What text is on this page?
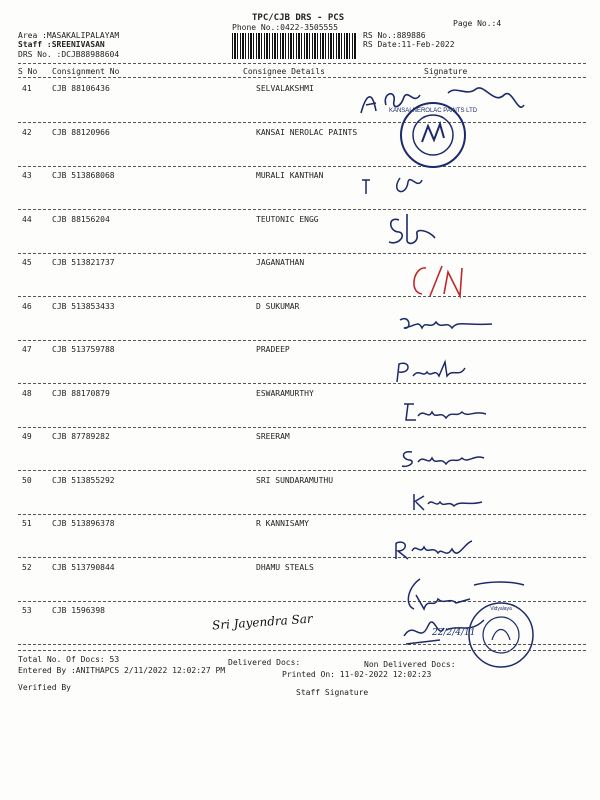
TPC/CJB DRS - PCS
Phone No.:0422-3505555	Page No.:4
Area :MASAKALIPALAYAM
Staff :SREENIVASAN
DRS No. :DCJB88988604
RS No.:889886
RS Date:11-Feb-2022
S No Consignment No	Consignee Details	Signature
41	CJB 88106436	SELVALAKSHMI
42	CJB 88120966	KANSAI NEROLAC PAINTS
43	CJB 513868068	MURALI KANTHAN
44	CJB 88156204	TEUTONIC ENGG
45	CJB 513821737	JAGANATHAN
46	CJB 513853433	D SUKUMAR
47	CJB 513759788	PRADEEP
48	CJB 88170879	ESWARAMURTHY
49	CJB 87789282	SREERAM
50	CJB 513855292	SRI SUNDARAMUTHU
51	CJB 513896378	R KANNISAMY
52	CJB 513790844	DHAMU STEALS
53	CJB 1596398
KANSAI NEROLAC PAINTS LTD
Sri Jayendra Sar
22/2/4/11
Vidyalaya
Total No. Of Docs: 53	Delivered Docs:	Non Delivered Docs:
Entered By :ANITHAPCS 2/11/2022 12:02:27 PM	Printed On: 11-02-2022 12:02:23
Verified By
Staff Signature
